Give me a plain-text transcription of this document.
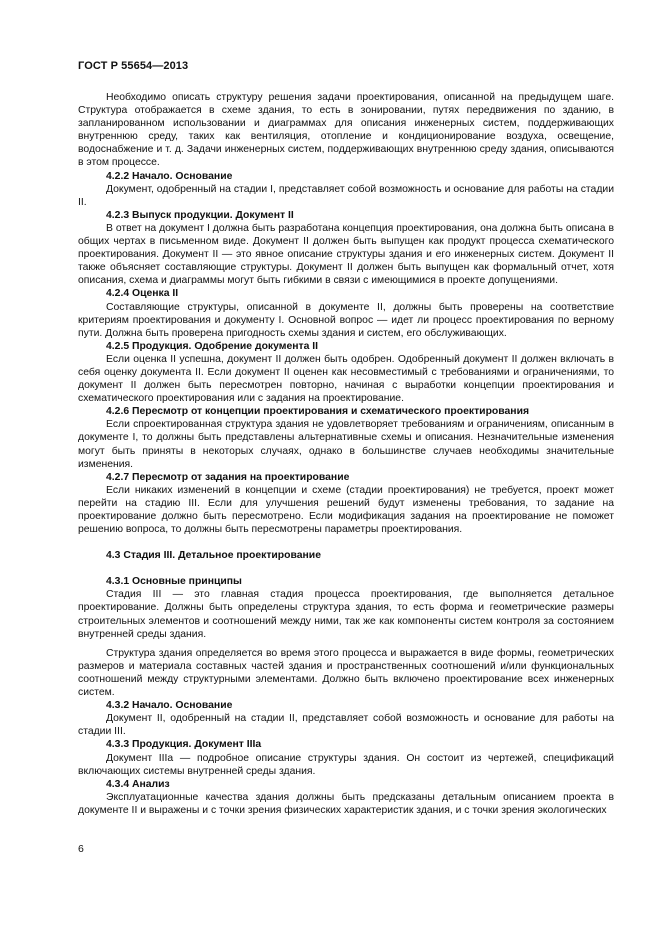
ГОСТ Р 55654—2013

Необходимо описать структуру решения задачи проектирования, описанной на предыдущем шаге. Структура отображается в схеме здания, то есть в зонировании, путях передвижения по зданию, в запланированном использовании и диаграммах для описания инженерных систем, поддерживающих внутреннюю среду, таких как вентиляция, отопление и кондиционирование воздуха, освещение, водоснабжение и т. д. Задачи инженерных систем, поддерживающих внутреннюю среду здания, описываются в этом процессе.

4.2.2 Начало. Основание

Документ, одобренный на стадии I, представляет собой возможность и основание для работы на стадии II.

4.2.3 Выпуск продукции. Документ II

В ответ на документ I должна быть разработана концепция проектирования, она должна быть описана в общих чертах в письменном виде. Документ II должен быть выпущен как продукт процесса схематического проектирования. Документ II — это явное описание структуры здания и его инженерных систем. Документ II также объясняет составляющие структуры. Документ II должен быть выпущен как формальный отчет, хотя описания, схема и диаграммы могут быть гибкими в связи с имеющимися в проекте допущениями.

4.2.4 Оценка II

Составляющие структуры, описанной в документе II, должны быть проверены на соответствие критериям проектирования и документу I. Основной вопрос — идет ли процесс проектирования по верному пути. Должна быть проверена пригодность схемы здания и систем, его обслуживающих.

4.2.5 Продукция. Одобрение документа II

Если оценка II успешна, документ II должен быть одобрен. Одобренный документ II должен включать в себя оценку документа II. Если документ II оценен как несовместимый с требованиями и ограничениями, то документ II должен быть пересмотрен повторно, начиная с выработки концепции проектирования и схематического проектирования или с задания на проектирование.

4.2.6 Пересмотр от концепции проектирования и схематического проектирования

Если спроектированная структура здания не удовлетворяет требованиям и ограничениям, описанным в документе I, то должны быть представлены альтернативные схемы и описания. Незначительные изменения могут быть приняты в некоторых случаях, однако в большинстве случаев необходимы значительные изменения.

4.2.7 Пересмотр от задания на проектирование

Если никаких изменений в концепции и схеме (стадии проектирования) не требуется, проект может перейти на стадию III. Если для улучшения решений будут изменены требования, то задание на проектирование должно быть пересмотрено. Если модификация задания на проектирование не поможет решению вопроса, то должны быть пересмотрены параметры проектирования.

4.3 Стадия III. Детальное проектирование
4.3.1 Основные принципы

Стадия III — это главная стадия процесса проектирования, где выполняется детальное проектирование. Должны быть определены структура здания, то есть форма и геометрические размеры строительных элементов и соотношений между ними, так же как компоненты систем контроля за состоянием внутренней среды здания.

Структура здания определяется во время этого процесса и выражается в виде формы, геометрических размеров и материала составных частей здания и пространственных соотношений и/или функциональных соотношений между структурными элементами. Должно быть включено проектирование всех инженерных систем.

4.3.2 Начало. Основание

Документ II, одобренный на стадии II, представляет собой возможность и основание для работы на стадии III.

4.3.3 Продукция. Документ IIIa

Документ IIIa — подробное описание структуры здания. Он состоит из чертежей, спецификаций включающих системы внутренней среды здания.

4.3.4 Анализ

Эксплуатационные качества здания должны быть предсказаны детальным описанием проекта в документе II и выражены и с точки зрения физических характеристик здания, и с точки зрения экологических

6
